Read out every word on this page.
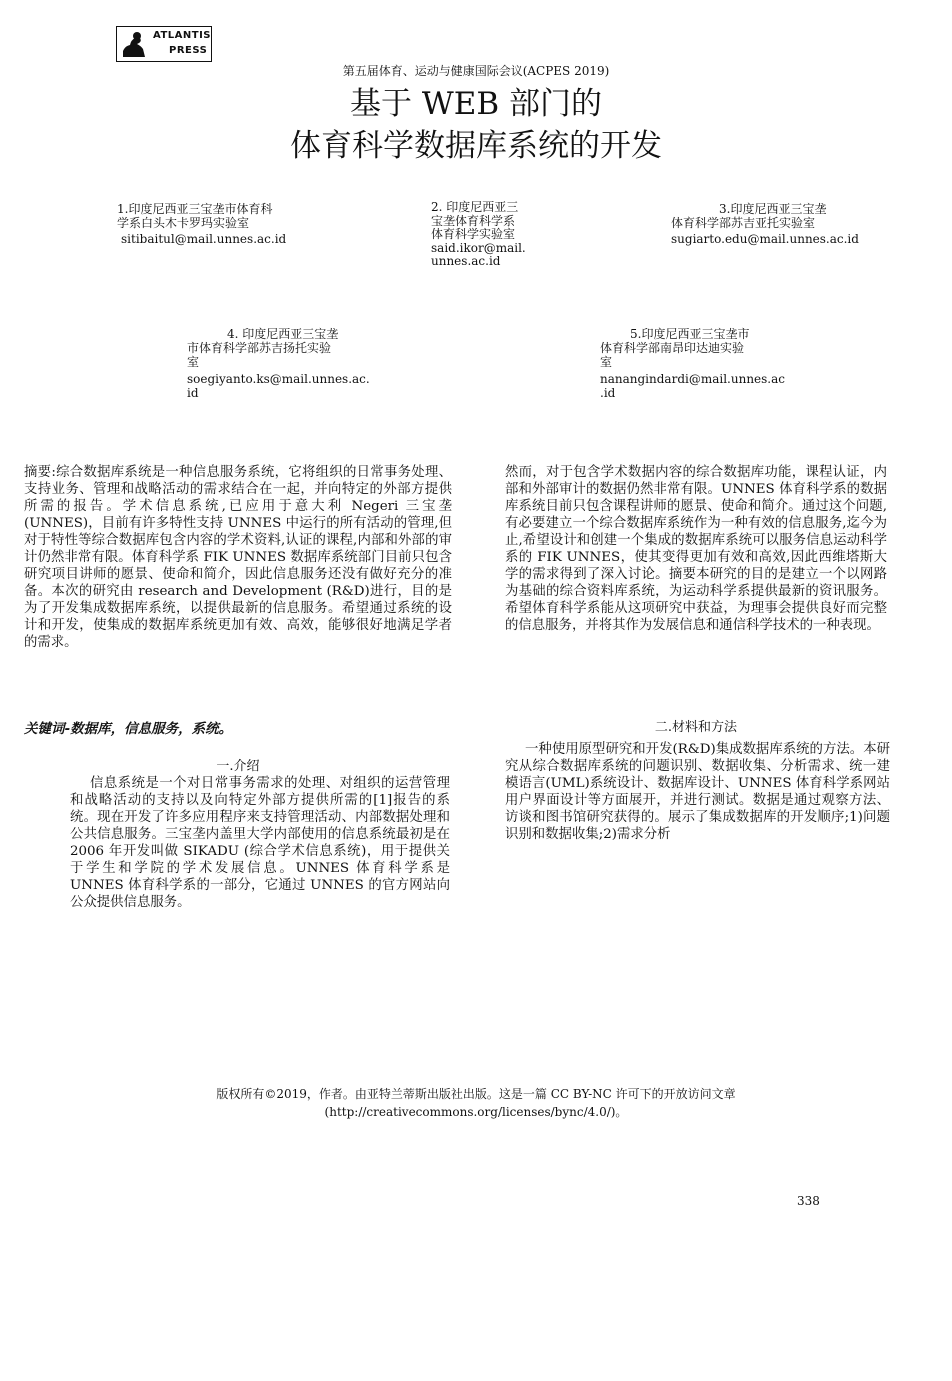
ATLANTIS
PRESS
第五届体育、运动与健康国际会议(ACPES 2019)
基于 WEB 部门的
体育科学数据库系统的开发
1.印度尼西亚三宝垄市体育科
学系白头木卡罗玛实验室
sitibaitul@mail.unnes.ac.id
2. 印度尼西亚三
宝垄体育科学系
体育科学实验室
said.ikor@mail.
unnes.ac.id
3.印度尼西亚三宝垄
体育科学部苏吉亚托实验室
sugiarto.edu@mail.unnes.ac.id
4. 印度尼西亚三宝垄
市体育科学部苏吉扬托实验
室
soegiyanto.ks@mail.unnes.ac.
id
5.印度尼西亚三宝垄市
体育科学部南昂印达迪实验
室
nanangindardi@mail.unnes.ac
.id

摘要:综合数据库系统是一种信息服务系统，它将组织的日常事务处理、支持业务、管理和战略活动的需求结合在一起，并向特定的外部方提供所需的报告。学术信息系统,已应用于意大利 Negeri 三宝垄(UNNES)，目前有许多特性支持 UNNES 中运行的所有活动的管理,但对于特性等综合数据库包含内容的学术资料,认证的课程,内部和外部的审计仍然非常有限。体育科学系 FIK UNNES 数据库系统部门目前只包含研究项目讲师的愿景、使命和简介，因此信息服务还没有做好充分的准备。本次的研究由 research and Development (R&D)进行，目的是为了开发集成数据库系统，以提供最新的信息服务。希望通过系统的设计和开发，使集成的数据库系统更加有效、高效，能够很好地满足学者的需求。

然而，对于包含学术数据内容的综合数据库功能，课程认证，内部和外部审计的数据仍然非常有限。UNNES 体育科学系的数据库系统目前只包含课程讲师的愿景、使命和简介。通过这个问题,有必要建立一个综合数据库系统作为一种有效的信息服务,迄今为止,希望设计和创建一个集成的数据库系统可以服务信息运动科学系的 FIK UNNES，使其变得更加有效和高效,因此西维塔斯大学的需求得到了深入讨论。摘要本研究的目的是建立一个以网路为基础的综合资料库系统，为运动科学系提供最新的资讯服务。希望体育科学系能从这项研究中获益，为理事会提供良好而完整的信息服务，并将其作为发展信息和通信科学技术的一种表现。

关键词-数据库，信息服务，系统。
一.介绍

信息系统是一个对日常事务需求的处理、对组织的运营管理和战略活动的支持以及向特定外部方提供所需的[1]报告的系统。现在开发了许多应用程序来支持管理活动、内部数据处理和公共信息服务。三宝垄内盖里大学内部使用的信息系统最初是在 2006 年开发叫做 SIKADU (综合学术信息系统)，用于提供关于学生和学院的学术发展信息。UNNES 体育科学系是 UNNES 体育科学系的一部分，它通过 UNNES 的官方网站向公众提供信息服务。

二.材料和方法

一种使用原型研究和开发(R&D)集成数据库系统的方法。本研究从综合数据库系统的问题识别、数据收集、分析需求、统一建模语言(UML)系统设计、数据库设计、UNNES 体育科学系网站用户界面设计等方面展开，并进行测试。数据是通过观察方法、访谈和图书馆研究获得的。展示了集成数据库的开发顺序;1)问题识别和数据收集;2)需求分析

版权所有©2019，作者。由亚特兰蒂斯出版社出版。这是一篇 CC BY-NC 许可下的开放访问文章
(http://creativecommons.org/licenses/bync/4.0/)。
338
